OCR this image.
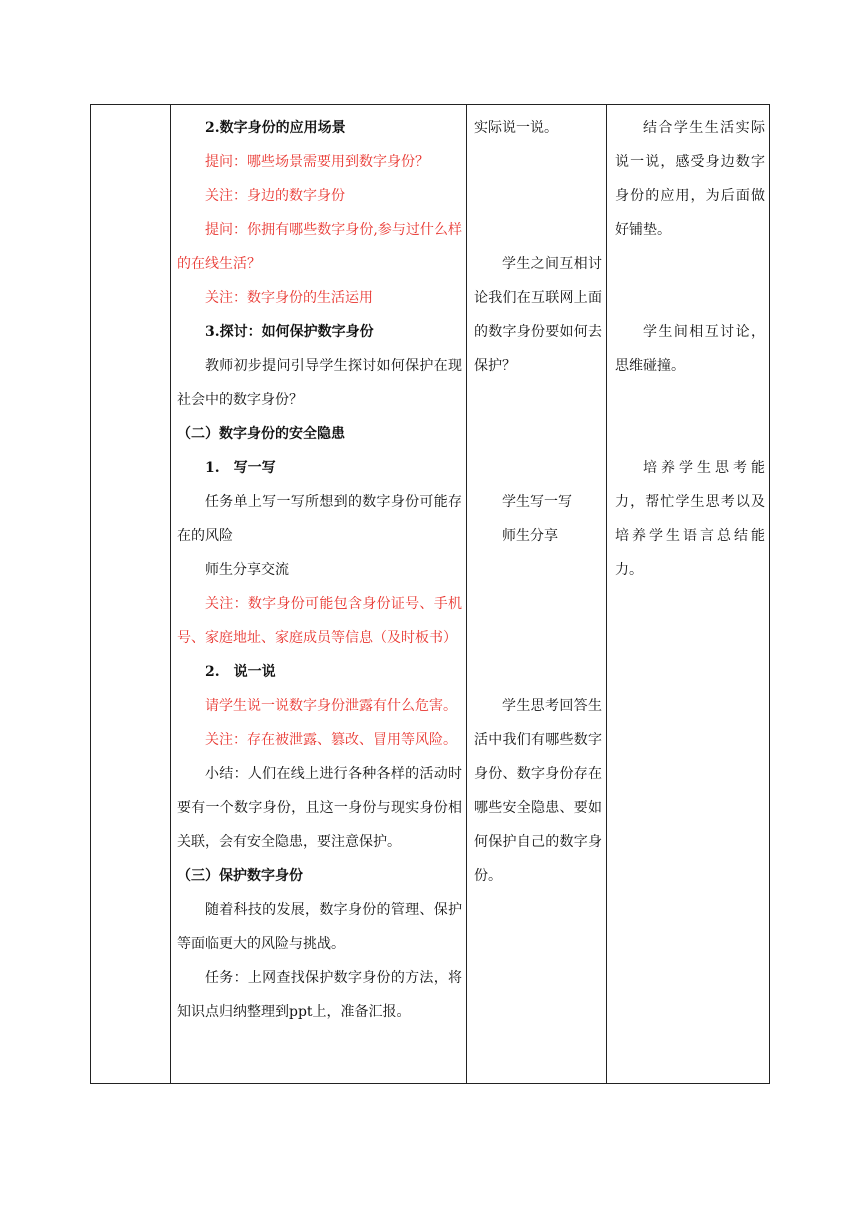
2.数字身份的应用场景

提问：哪些场景需要用到数字身份？

关注：身边的数字身份

提问：你拥有哪些数字身份,参与过什么样的在线生活？

关注：数字身份的生活运用

3.探讨：如何保护数字身份

教师初步提问引导学生探讨如何保护在现社会中的数字身份？

（二）数字身份的安全隐患

1.　写一写

任务单上写一写所想到的数字身份可能存在的风险

师生分享交流

关注：数字身份可能包含身份证号、手机号、家庭地址、家庭成员等信息（及时板书）

2.　说一说

请学生说一说数字身份泄露有什么危害。

关注：存在被泄露、篡改、冒用等风险。

小结：人们在线上进行各种各样的活动时要有一个数字身份，且这一身份与现实身份相关联，会有安全隐患，要注意保护。

（三）保护数字身份

随着科技的发展，数字身份的管理、保护等面临更大的风险与挑战。

任务：上网查找保护数字身份的方法，将知识点归纳整理到ppt上，准备汇报。

实际说一说。

学生之间互相讨论我们在互联网上面的数字身份要如何去保护？

学生写一写

师生分享

学生思考回答生活中我们有哪些数字身份、数字身份存在哪些安全隐患、要如何保护自己的数字身份。

结合学生生活实际说一说，感受身边数字身份的应用，为后面做好铺垫。

学生间相互讨论，思维碰撞。

培养学生思考能力，帮忙学生思考以及培养学生语言总结能力。
